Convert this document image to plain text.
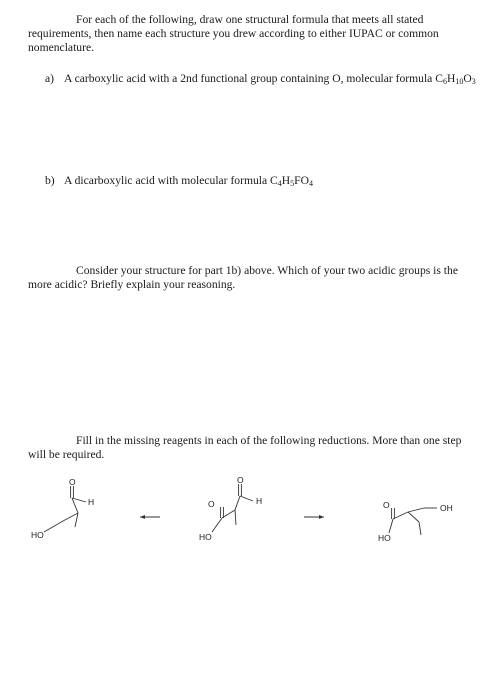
For each of the following, draw one structural formula that meets all stated requirements, then name each structure you drew according to either IUPAC or common nomenclature.

a) A carboxylic acid with a 2nd functional group containing O, molecular formula $C_6H_{10}O_3$
b) A dicarboxylic acid with molecular formula $C_4H_5FO_4$

Consider your structure for part 1b) above. Which of your two acidic groups is the more acidic? Briefly explain your reasoning.

Fill in the missing reagents in each of the following reductions. More than one step will be required.

O
H
HO
O
H
O
HO
O
HO
OH
